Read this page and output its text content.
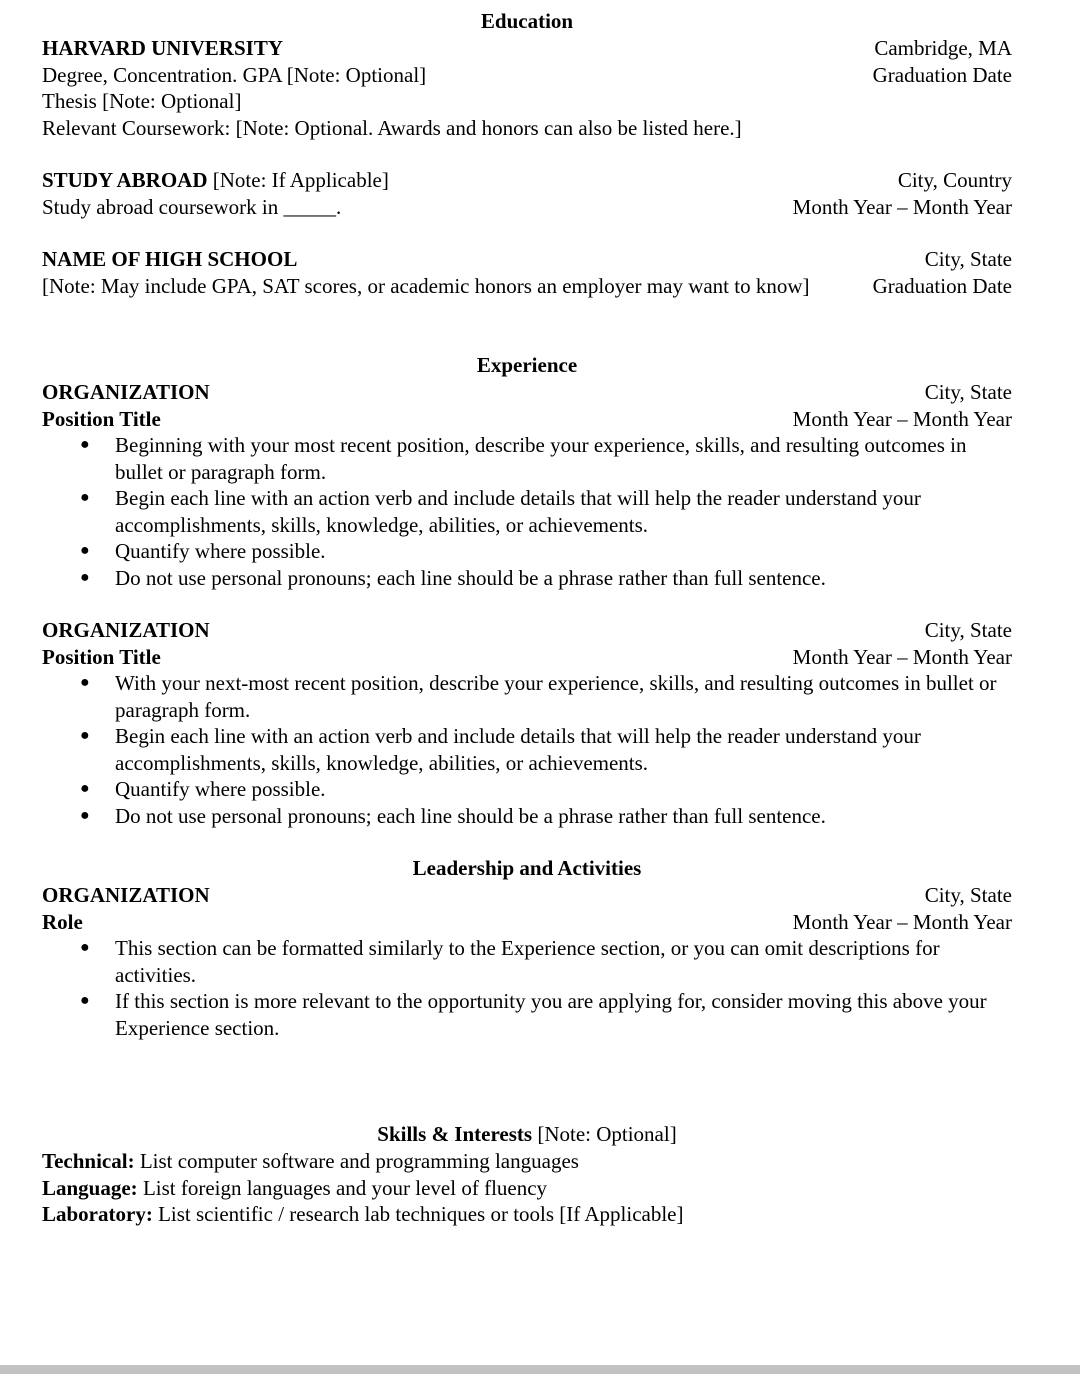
Education
HARVARD UNIVERSITY	Cambridge, MA
Degree, Concentration. GPA [Note: Optional]	Graduation Date
Thesis [Note: Optional]
Relevant Coursework: [Note: Optional. Awards and honors can also be listed here.]
STUDY ABROAD [Note: If Applicable]	City, Country
Study abroad coursework in _____.	Month Year – Month Year
NAME OF HIGH SCHOOL	City, State
[Note: May include GPA, SAT scores, or academic honors an employer may want to know]	Graduation Date
Experience
ORGANIZATION	City, State
Position Title	Month Year – Month Year
● Beginning with your most recent position, describe your experience, skills, and resulting outcomes in bullet or paragraph form.
● Begin each line with an action verb and include details that will help the reader understand your accomplishments, skills, knowledge, abilities, or achievements.
● Quantify where possible.
● Do not use personal pronouns; each line should be a phrase rather than full sentence.
ORGANIZATION	City, State
Position Title	Month Year – Month Year
● With your next-most recent position, describe your experience, skills, and resulting outcomes in bullet or paragraph form.
● Begin each line with an action verb and include details that will help the reader understand your accomplishments, skills, knowledge, abilities, or achievements.
● Quantify where possible.
● Do not use personal pronouns; each line should be a phrase rather than full sentence.
Leadership and Activities
ORGANIZATION	City, State
Role	Month Year – Month Year
● This section can be formatted similarly to the Experience section, or you can omit descriptions for activities.
● If this section is more relevant to the opportunity you are applying for, consider moving this above your Experience section.
Skills & Interests [Note: Optional]
Technical: List computer software and programming languages
Language: List foreign languages and your level of fluency
Laboratory: List scientific / research lab techniques or tools [If Applicable]
